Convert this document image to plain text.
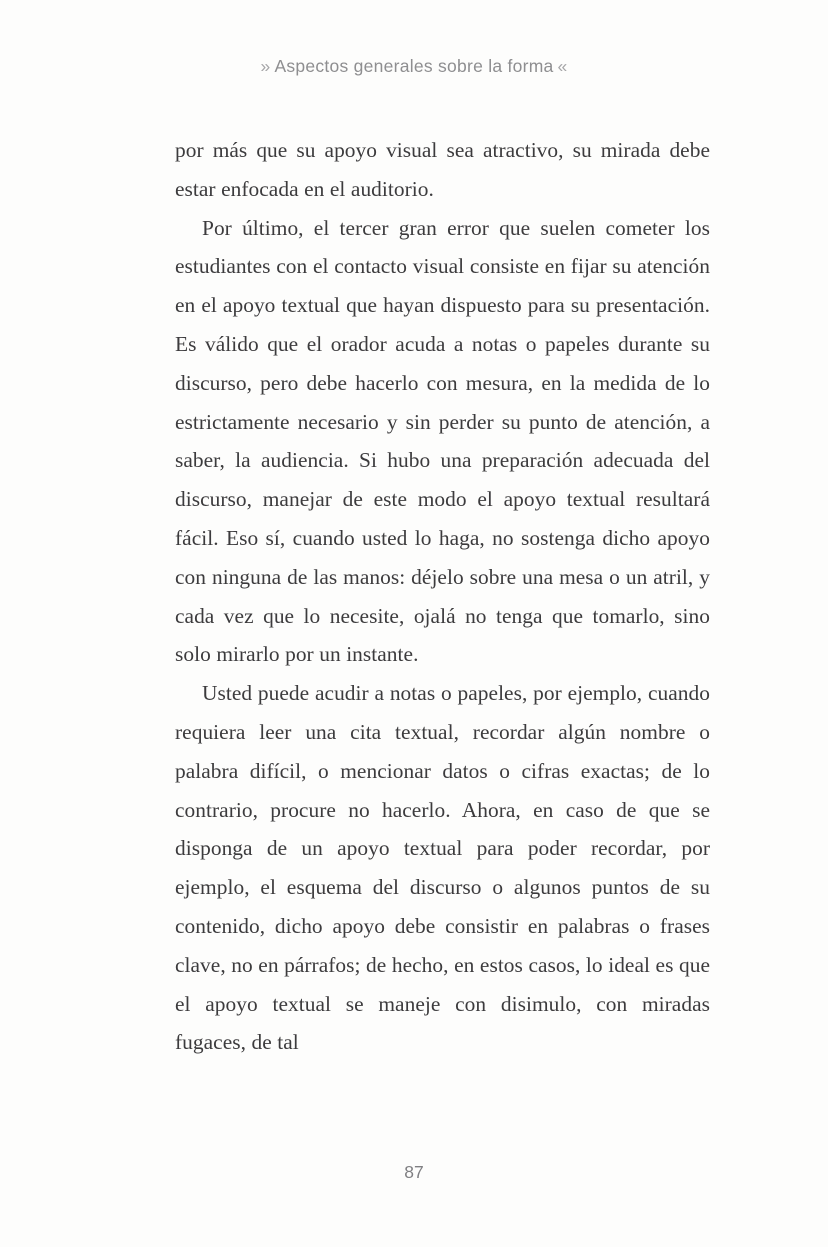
» Aspectos generales sobre la forma «

por más que su apoyo visual sea atractivo, su mirada debe estar enfocada en el auditorio.

Por último, el tercer gran error que suelen cometer los estudiantes con el contacto visual consiste en fijar su atención en el apoyo textual que hayan dispuesto para su presentación. Es válido que el orador acuda a notas o papeles durante su discurso, pero debe hacerlo con mesura, en la medida de lo estrictamente necesario y sin perder su punto de atención, a saber, la audiencia. Si hubo una preparación adecuada del discurso, manejar de este modo el apoyo textual resultará fácil. Eso sí, cuando usted lo haga, no sostenga dicho apoyo con ninguna de las manos: déjelo sobre una mesa o un atril, y cada vez que lo necesite, ojalá no tenga que tomarlo, sino solo mirarlo por un instante.

Usted puede acudir a notas o papeles, por ejemplo, cuando requiera leer una cita textual, recordar algún nombre o palabra difícil, o mencionar datos o cifras exactas; de lo contrario, procure no hacerlo. Ahora, en caso de que se disponga de un apoyo textual para poder recordar, por ejemplo, el esquema del discurso o algunos puntos de su contenido, dicho apoyo debe consistir en palabras o frases clave, no en párrafos; de hecho, en estos casos, lo ideal es que el apoyo textual se maneje con disimulo, con miradas fugaces, de tal

87
